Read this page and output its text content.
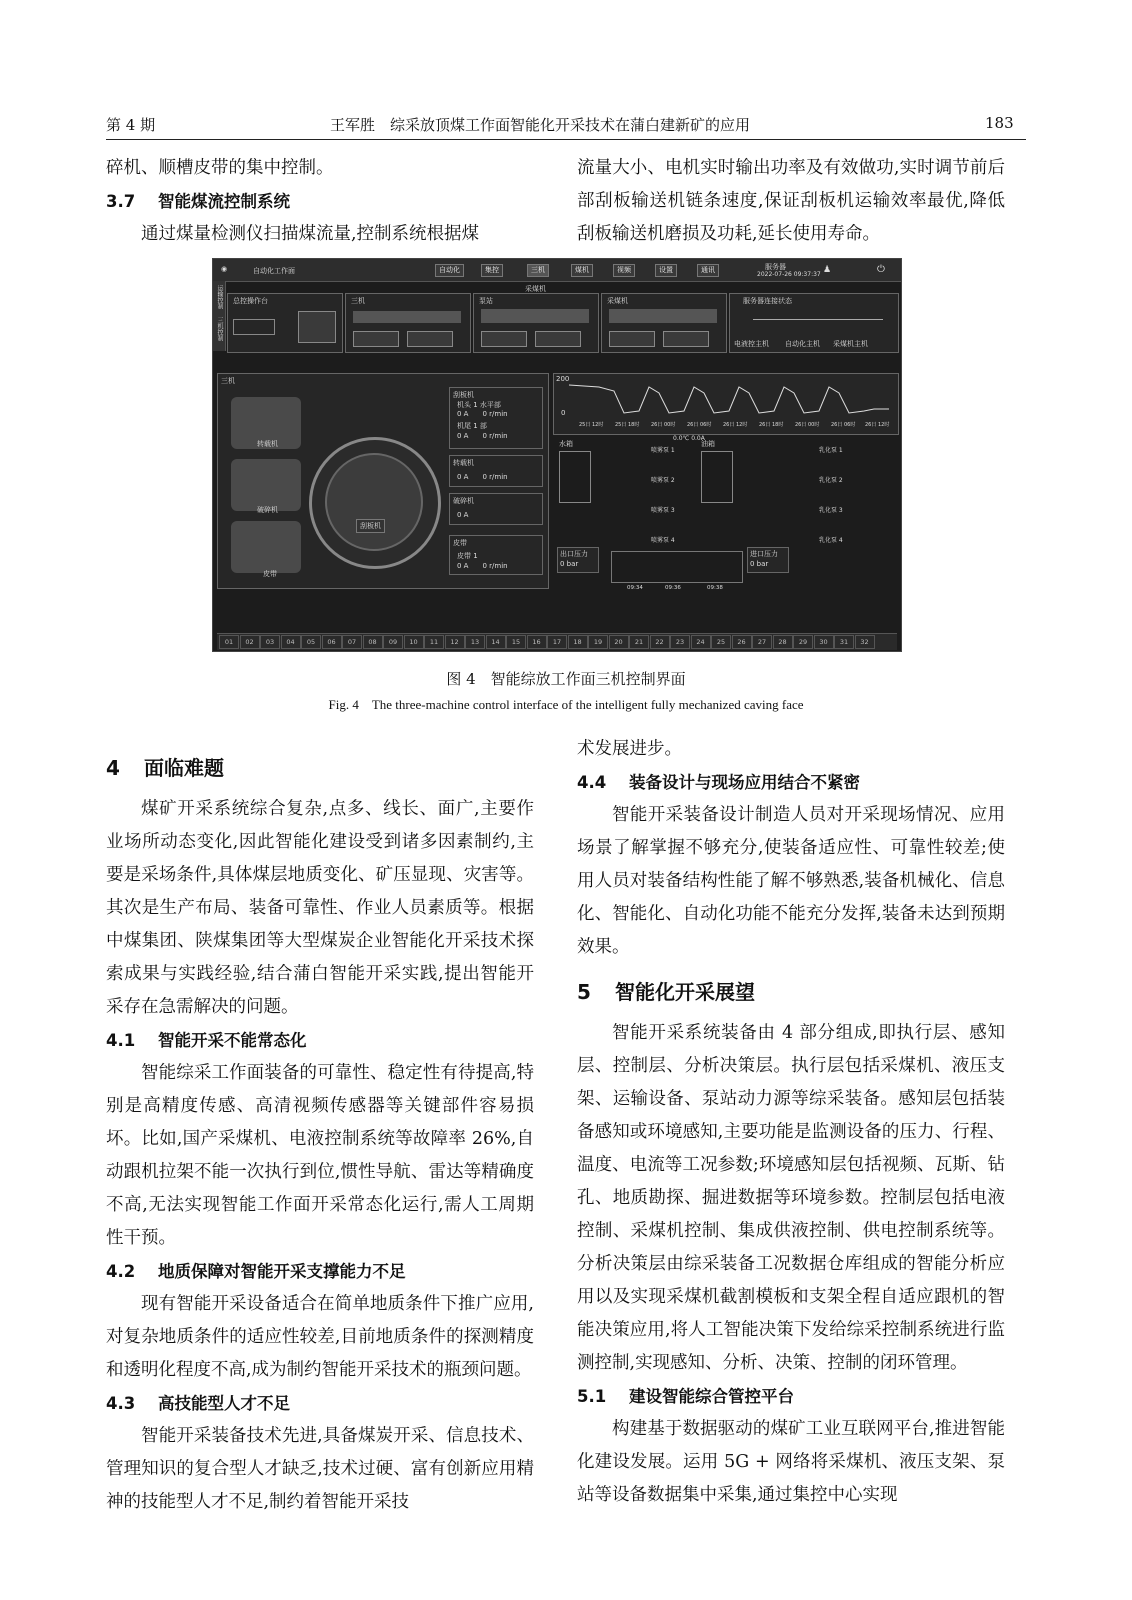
第 4 期	王军胜　综采放顶煤工作面智能化开采技术在蒲白建新矿的应用	183

碎机、顺槽皮带的集中控制。

3.7 智能煤流控制系统

通过煤量检测仪扫描煤流量,控制系统根据煤

流量大小、电机实时输出功率及有效做功,实时调节前后部刮板输送机链条速度,保证刮板机运输效率最优,降低刮板输送机磨损及功耗,延长使用寿命。

◉	自动化工作面	自动化	集控	三机	煤机	视频	设置	通讯	服务器
2022-07-26 09:37:37 ♟	⏻
运输控制
三机控制
采煤机
总控操作台	三机	泵站	采煤机	服务器连接状态
电液控主机 自动化主机 采煤机主机
三机
转载机
破碎机
皮带
刮板机
刮板机
机头 1 水平部
0 A　　0 r/min
机尾 1 部
0 A　　0 r/min
转载机
0 A　　0 r/min
破碎机
0 A
皮带
皮带 1
0 A　　0 r/min
200
0
25日 12时 25日 18时 26日 00时 26日 06时 26日 12时 26日 18时 26日 00时 26日 06时 26日 12时
水箱	油箱
喷雾泵 1
喷雾泵 2
喷雾泵 3
喷雾泵 4
0.0℃ 0.0A
乳化泵 1
乳化泵 2
乳化泵 3
乳化泵 4
出口压力
0 bar
进口压力
0 bar
09:34	09:36	09:38
01	02	03	04	05	06	07	08	09	10	11	12	13	14	15	16	17	18	19	20	21	22	23	24	25	26	27	28	29	30	31	32
图 4　智能综放工作面三机控制界面
Fig. 4　The three-machine control interface of the intelligent fully mechanized caving face
4 面临难题

煤矿开采系统综合复杂,点多、线长、面广,主要作业场所动态变化,因此智能化建设受到诸多因素制约,主要是采场条件,具体煤层地质变化、矿压显现、灾害等。其次是生产布局、装备可靠性、作业人员素质等。根据中煤集团、陕煤集团等大型煤炭企业智能化开采技术探索成果与实践经验,结合蒲白智能开采实践,提出智能开采存在急需解决的问题。

4.1 智能开采不能常态化

智能综采工作面装备的可靠性、稳定性有待提高,特别是高精度传感、高清视频传感器等关键部件容易损坏。比如,国产采煤机、电液控制系统等故障率 26%,自动跟机拉架不能一次执行到位,惯性导航、雷达等精确度不高,无法实现智能工作面开采常态化运行,需人工周期性干预。

4.2 地质保障对智能开采支撑能力不足

现有智能开采设备适合在简单地质条件下推广应用,对复杂地质条件的适应性较差,目前地质条件的探测精度和透明化程度不高,成为制约智能开采技术的瓶颈问题。

4.3 高技能型人才不足

智能开采装备技术先进,具备煤炭开采、信息技术、管理知识的复合型人才缺乏,技术过硬、富有创新应用精神的技能型人才不足,制约着智能开采技

术发展进步。

4.4 装备设计与现场应用结合不紧密

智能开采装备设计制造人员对开采现场情况、应用场景了解掌握不够充分,使装备适应性、可靠性较差;使用人员对装备结构性能了解不够熟悉,装备机械化、信息化、智能化、自动化功能不能充分发挥,装备未达到预期效果。

5 智能化开采展望

智能开采系统装备由 4 部分组成,即执行层、感知层、控制层、分析决策层。执行层包括采煤机、液压支架、运输设备、泵站动力源等综采装备。感知层包括装备感知或环境感知,主要功能是监测设备的压力、行程、温度、电流等工况参数;环境感知层包括视频、瓦斯、钻孔、地质勘探、掘进数据等环境参数。控制层包括电液控制、采煤机控制、集成供液控制、供电控制系统等。分析决策层由综采装备工况数据仓库组成的智能分析应用以及实现采煤机截割模板和支架全程自适应跟机的智能决策应用,将人工智能决策下发给综采控制系统进行监测控制,实现感知、分析、决策、控制的闭环管理。

5.1 建设智能综合管控平台

构建基于数据驱动的煤矿工业互联网平台,推进智能化建设发展。运用 5G + 网络将采煤机、液压支架、泵站等设备数据集中采集,通过集控中心实现
